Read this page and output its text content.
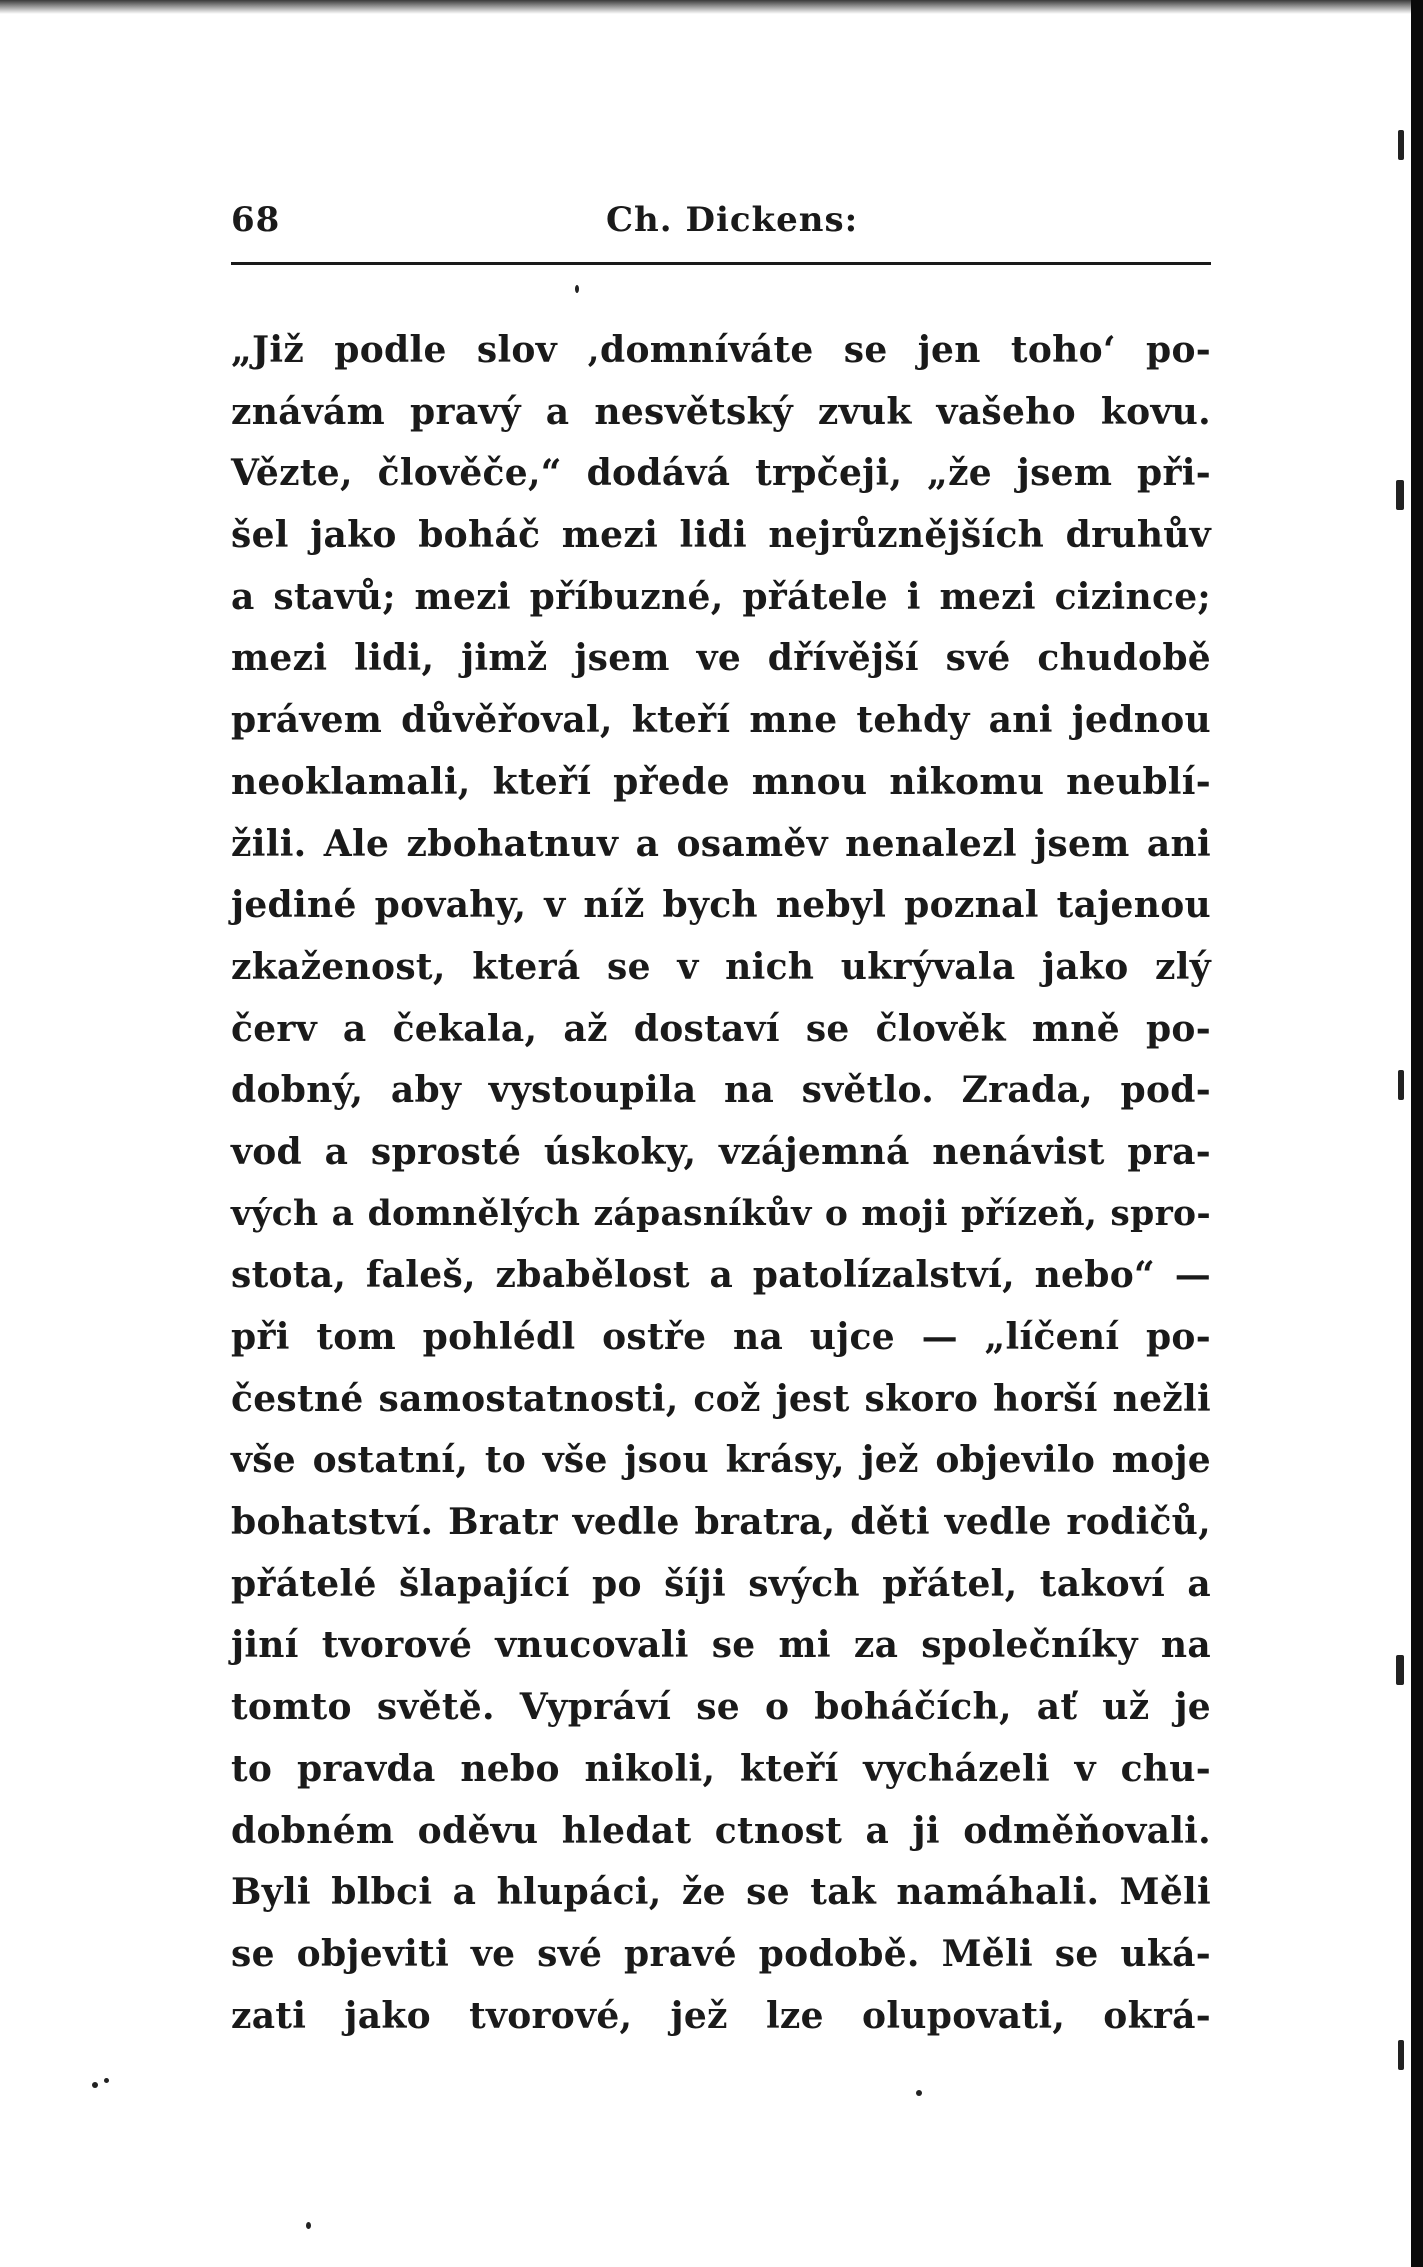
68	Ch. Dickens:
„Již podle slov ‚domníváte se jen toho‘ po-
znávám pravý a nesvětský zvuk vašeho kovu.
Vězte, člověče,“ dodává trpčeji, „že jsem při-
šel jako boháč mezi lidi nejrůznějších druhův
a stavů; mezi příbuzné, přátele i mezi cizince;
mezi lidi, jimž jsem ve dřívější své chudobě
právem důvěřoval, kteří mne tehdy ani jednou
neoklamali, kteří přede mnou nikomu neublí-
žili. Ale zbohatnuv a osaměv nenalezl jsem ani
jediné povahy, v níž bych nebyl poznal tajenou
zkaženost, která se v nich ukrývala jako zlý
červ a čekala, až dostaví se člověk mně po-
dobný, aby vystoupila na světlo. Zrada, pod-
vod a sprosté úskoky, vzájemná nenávist pra-
vých a domnělých zápasníkův o moji přízeň, spro-
stota, faleš, zbabělost a patolízalství, nebo“ —
při tom pohlédl ostře na ujce — „líčení po-
čestné samostatnosti, což jest skoro horší nežli
vše ostatní, to vše jsou krásy, jež objevilo moje
bohatství. Bratr vedle bratra, děti vedle rodičů,
přátelé šlapající po šíji svých přátel, takoví a
jiní tvorové vnucovali se mi za společníky na
tomto světě. Vypráví se o boháčích, ať už je
to pravda nebo nikoli, kteří vycházeli v chu-
dobném oděvu hledat ctnost a ji odměňovali.
Byli blbci a hlupáci, že se tak namáhali. Měli
se objeviti ve své pravé podobě. Měli se uká-
zati jako tvorové, jež lze olupovati, okrá-
